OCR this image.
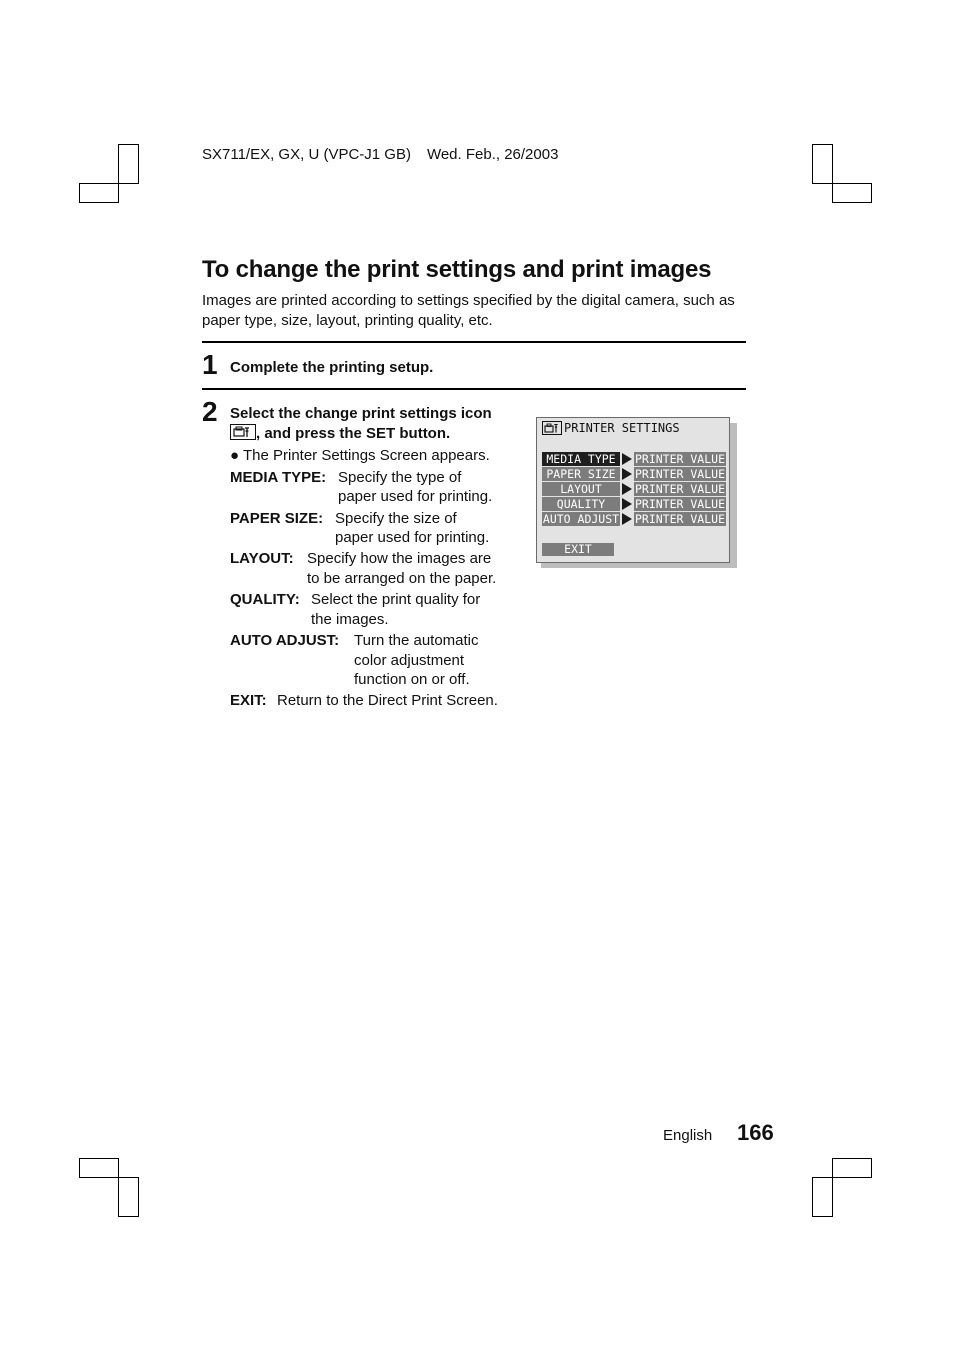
SX711/EX, GX, U (VPC-J1 GB) Wed. Feb., 26/2003
To change the print settings and print images
Images are printed according to settings specified by the digital camera, such as paper type, size, layout, printing quality, etc.
1 Complete the printing setup.
2 Select the change print settings icon
, and press the SET button.
● The Printer Settings Screen appears.
MEDIA TYPE: Specify the type of
paper used for printing.
PAPER SIZE: Specify the size of
paper used for printing.
LAYOUT: Specify how the images are
to be arranged on the paper.
QUALITY: Select the print quality for
the images.
AUTO ADJUST: Turn the automatic
color adjustment
function on or off.
EXIT: Return to the Direct Print Screen.
PRINTER SETTINGS
MEDIA TYPE	PRINTER VALUE
PAPER SIZE	PRINTER VALUE
LAYOUT	PRINTER VALUE
QUALITY	PRINTER VALUE
AUTO ADJUST PRINTER VALUE
EXIT
English 166
